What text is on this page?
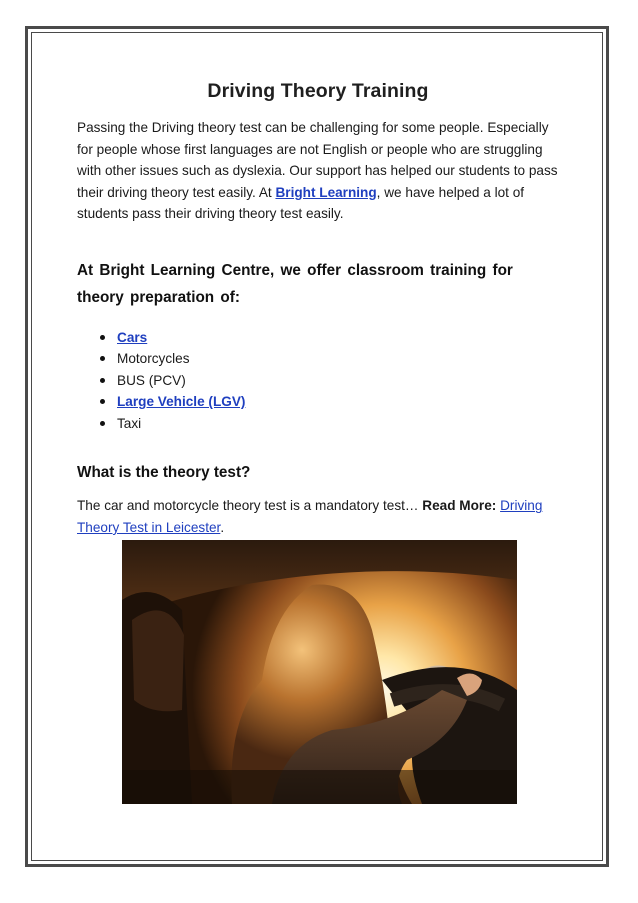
Driving Theory Training

Passing the Driving theory test can be challenging for some people. Especially for people whose first languages are not English or people who are struggling with other issues such as dyslexia. Our support has helped our students to pass their driving theory test easily. At Bright Learning, we have helped a lot of students pass their driving theory test easily.

At Bright Learning Centre, we offer classroom training for theory preparation of:
Cars
Motorcycles
BUS (PCV)
Large Vehicle (LGV)
Taxi
What is the theory test?

The car and motorcycle theory test is a mandatory test… Read More: Driving Theory Test in Leicester.
